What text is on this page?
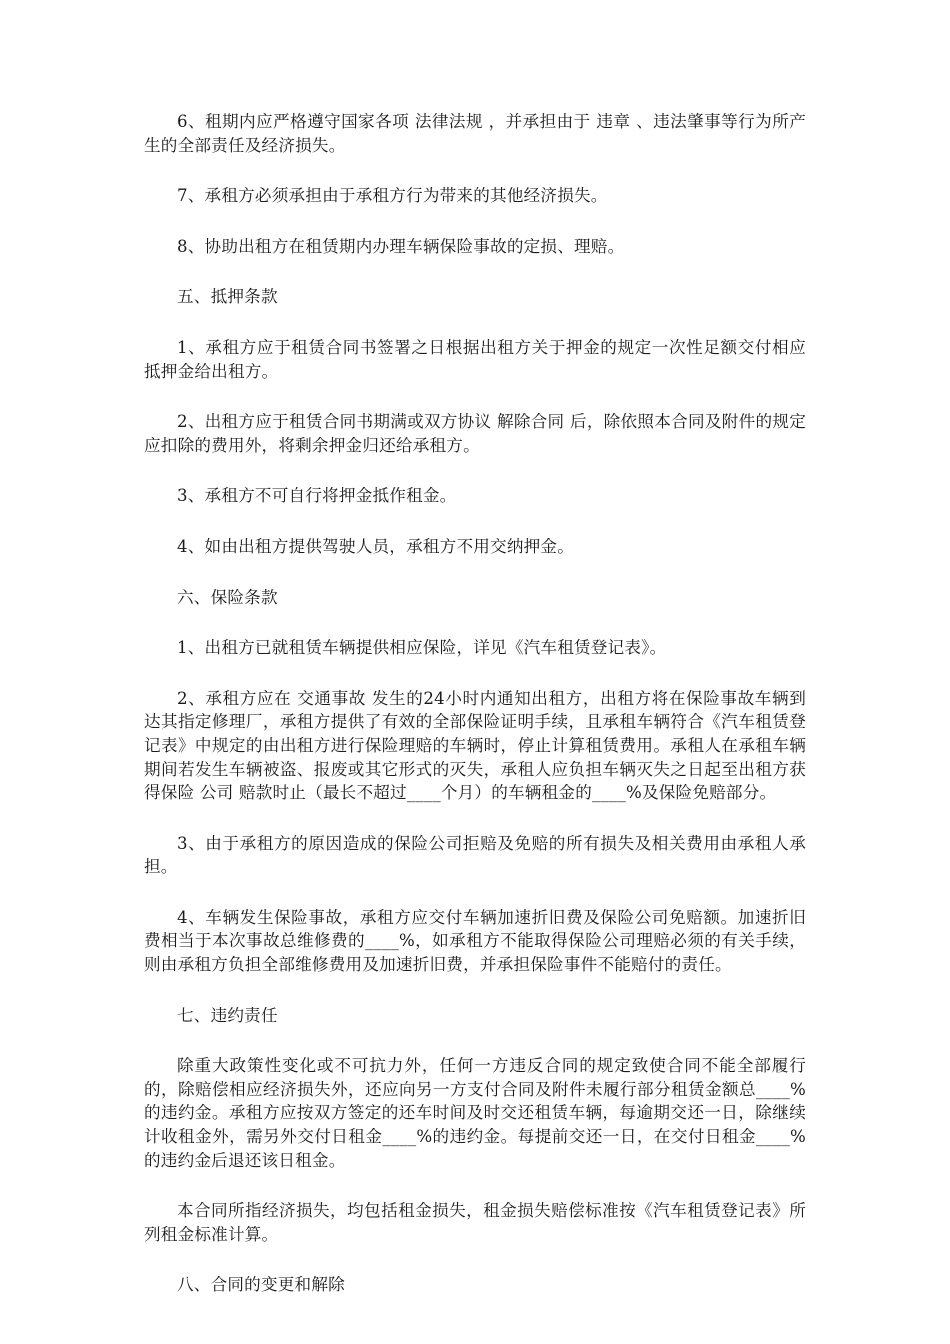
6、租期内应严格遵守国家各项 法律法规 ，并承担由于 违章 、违法肇事等行为所产生的全部责任及经济损失。

7、承租方必须承担由于承租方行为带来的其他经济损失。

8、协助出租方在租赁期内办理车辆保险事故的定损、理赔。

五、抵押条款

1、承租方应于租赁合同书签署之日根据出租方关于押金的规定一次性足额交付相应抵押金给出租方。

2、出租方应于租赁合同书期满或双方协议 解除合同 后，除依照本合同及附件的规定应扣除的费用外，将剩余押金归还给承租方。

3、承租方不可自行将押金抵作租金。

4、如由出租方提供驾驶人员，承租方不用交纳押金。

六、保险条款

1、出租方已就租赁车辆提供相应保险，详见《汽车租赁登记表》。

2、承租方应在 交通事故 发生的24小时内通知出租方，出租方将在保险事故车辆到达其指定修理厂，承租方提供了有效的全部保险证明手续，且承租车辆符合《汽车租赁登记表》中规定的由出租方进行保险理赔的车辆时，停止计算租赁费用。承租人在承租车辆期间若发生车辆被盗、报废或其它形式的灭失，承租人应负担车辆灭失之日起至出租方获得保险 公司 赔款时止（最长不超过____个月）的车辆租金的____%及保险免赔部分。

3、由于承租方的原因造成的保险公司拒赔及免赔的所有损失及相关费用由承租人承担。

4、车辆发生保险事故，承租方应交付车辆加速折旧费及保险公司免赔额。加速折旧费相当于本次事故总维修费的____%，如承租方不能取得保险公司理赔必须的有关手续，则由承租方负担全部维修费用及加速折旧费，并承担保险事件不能赔付的责任。

七、违约责任

除重大政策性变化或不可抗力外，任何一方违反合同的规定致使合同不能全部履行的，除赔偿相应经济损失外，还应向另一方支付合同及附件未履行部分租赁金额总____%的违约金。承租方应按双方签定的还车时间及时交还租赁车辆，每逾期交还一日，除继续计收租金外，需另外交付日租金____%的违约金。每提前交还一日，在交付日租金____%的违约金后退还该日租金。

本合同所指经济损失，均包括租金损失，租金损失赔偿标准按《汽车租赁登记表》所列租金标准计算。

八、合同的变更和解除
